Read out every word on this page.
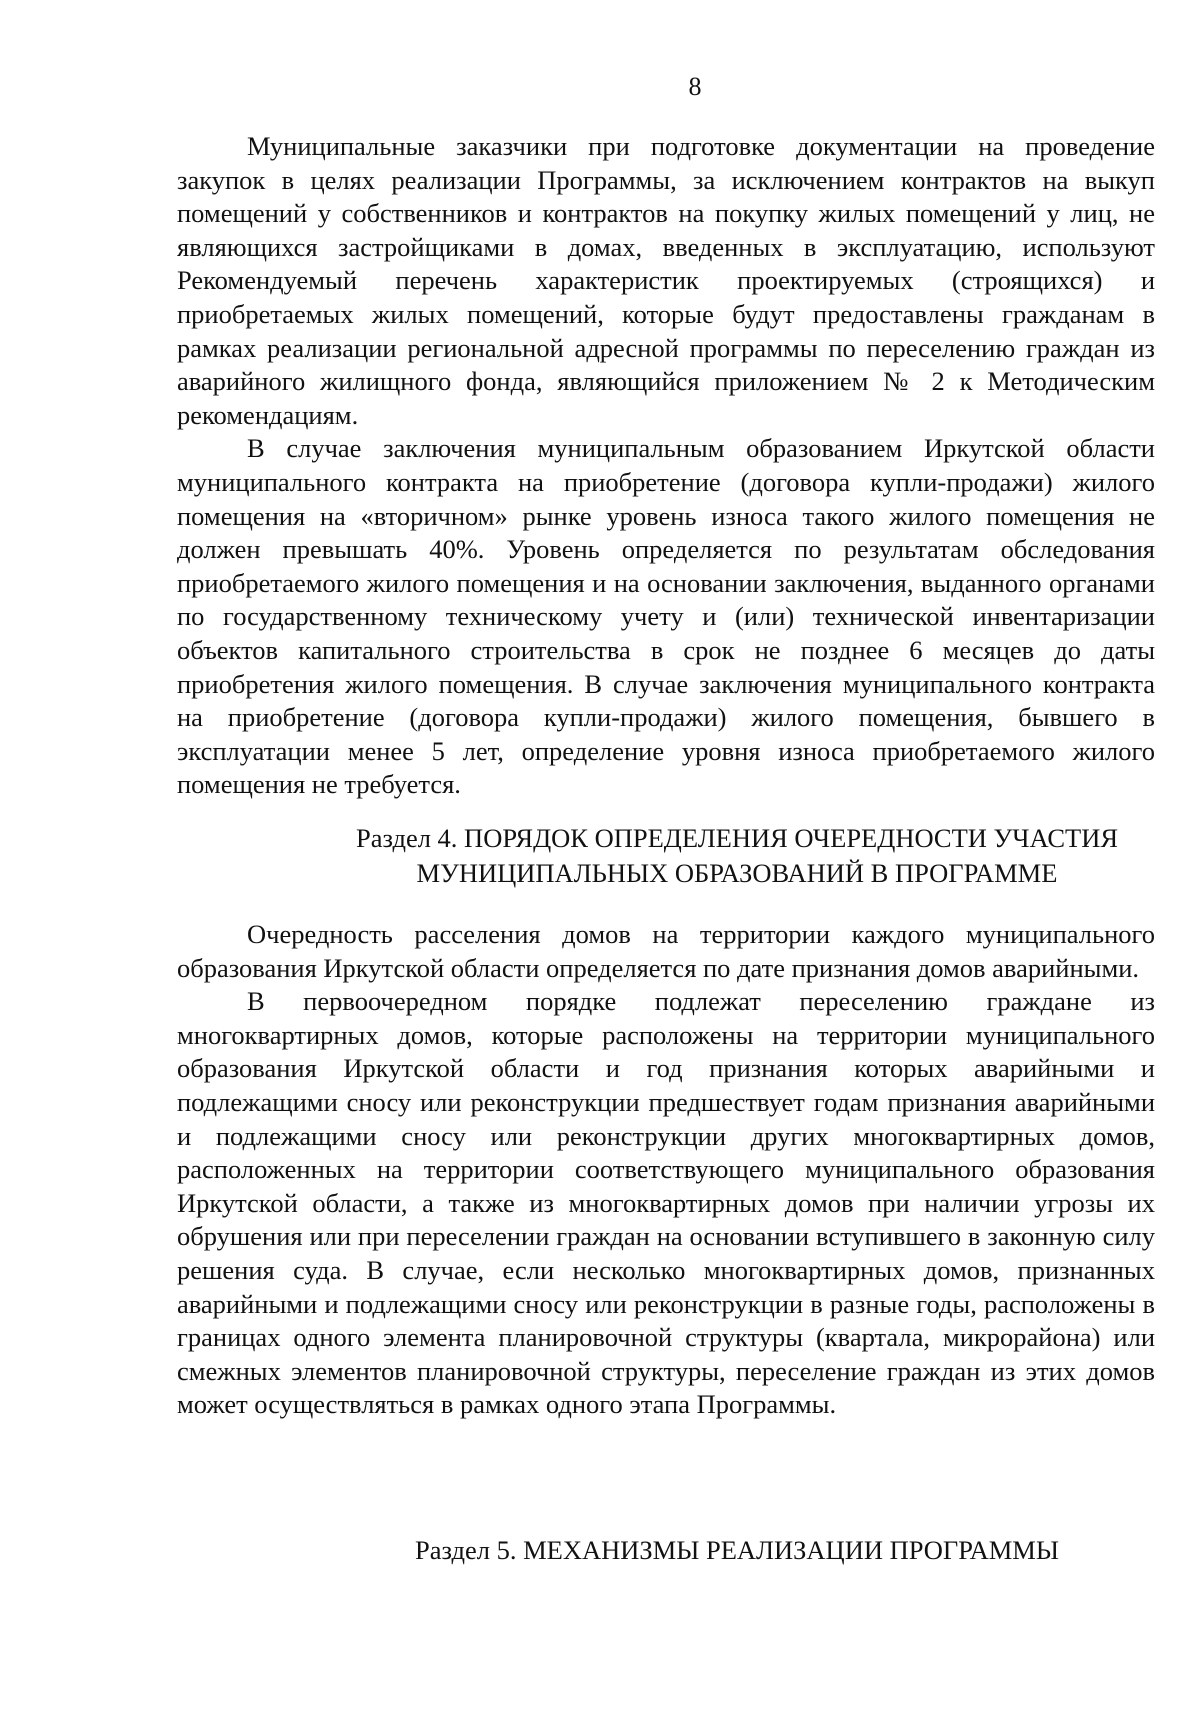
8

Муниципальные заказчики при подготовке документации на проведение закупок в целях реализации Программы, за исключением контрактов на выкуп помещений у собственников и контрактов на покупку жилых помещений у лиц, не являющихся застройщиками в домах, введенных в эксплуатацию, используют Рекомендуемый перечень характеристик проектируемых (строящихся) и приобретаемых жилых помещений, которые будут предоставлены гражданам в рамках реализации региональной адресной программы по переселению граждан из аварийного жилищного фонда, являющийся приложением № 2 к Методическим рекомендациям.

В случае заключения муниципальным образованием Иркутской области муниципального контракта на приобретение (договора купли-продажи) жилого помещения на «вторичном» рынке уровень износа такого жилого помещения не должен превышать 40%. Уровень определяется по результатам обследования приобретаемого жилого помещения и на основании заключения, выданного органами по государственному техническому учету и (или) технической инвентаризации объектов капитального строительства в срок не позднее 6 месяцев до даты приобретения жилого помещения. В случае заключения муниципального контракта на приобретение (договора купли-продажи) жилого помещения, бывшего в эксплуатации менее 5 лет, определение уровня износа приобретаемого жилого помещения не требуется.

Раздел 4. ПОРЯДОК ОПРЕДЕЛЕНИЯ ОЧЕРЕДНОСТИ УЧАСТИЯ
МУНИЦИПАЛЬНЫХ ОБРАЗОВАНИЙ В ПРОГРАММЕ

Очередность расселения домов на территории каждого муниципального образования Иркутской области определяется по дате признания домов аварийными.

В первоочередном порядке подлежат переселению граждане из многоквартирных домов, которые расположены на территории муниципального образования Иркутской области и год признания которых аварийными и подлежащими сносу или реконструкции предшествует годам признания аварийными и подлежащими сносу или реконструкции других многоквартирных домов, расположенных на территории соответствующего муниципального образования Иркутской области, а также из многоквартирных домов при наличии угрозы их обрушения или при переселении граждан на основании вступившего в законную силу решения суда. В случае, если несколько многоквартирных домов, признанных аварийными и подлежащими сносу или реконструкции в разные годы, расположены в границах одного элемента планировочной структуры (квартала, микрорайона) или смежных элементов планировочной структуры, переселение граждан из этих домов может осуществляться в рамках одного этапа Программы.

Раздел 5. МЕХАНИЗМЫ РЕАЛИЗАЦИИ ПРОГРАММЫ
